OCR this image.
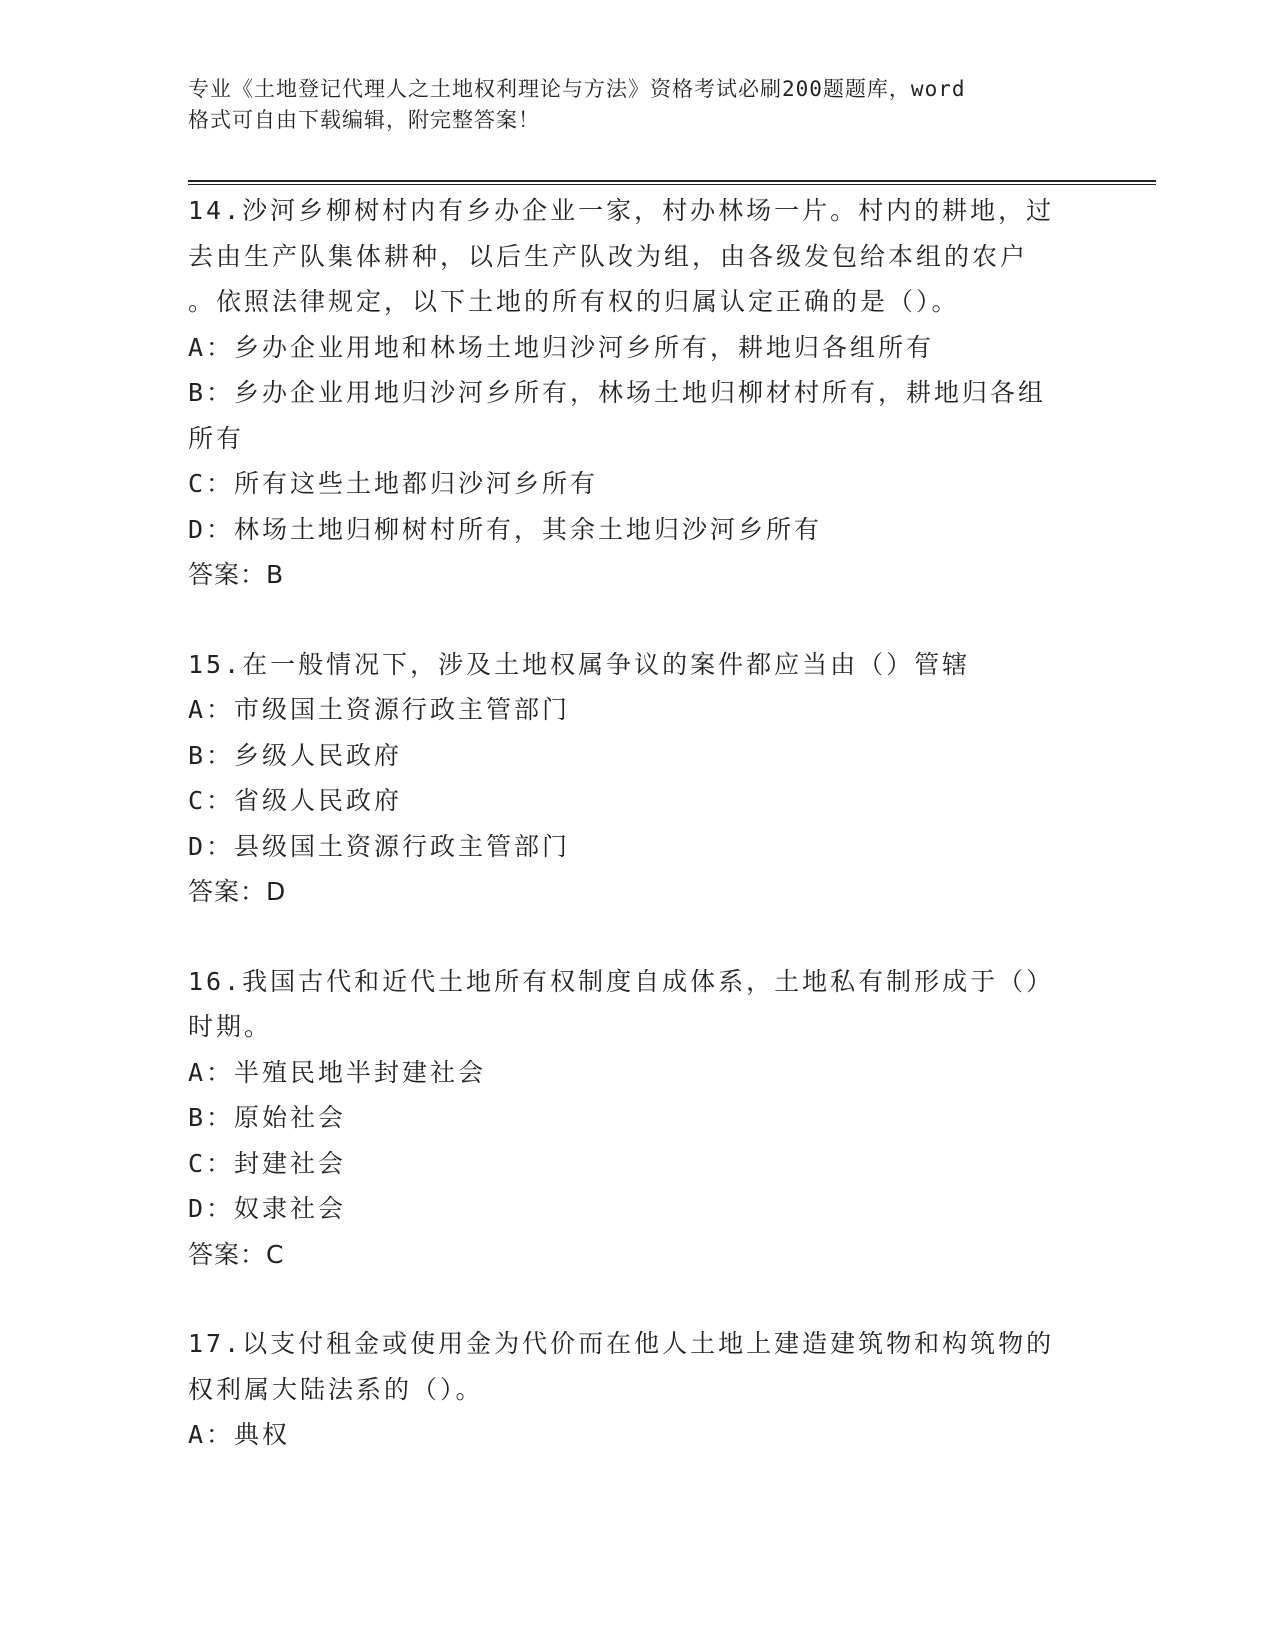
专业《土地登记代理人之土地权利理论与方法》资格考试必刷200题题库，word
格式可自由下载编辑，附完整答案！
14.沙河乡柳树村内有乡办企业一家，村办林场一片。村内的耕地，过
去由生产队集体耕种，以后生产队改为组，由各级发包给本组的农户
。依照法律规定，以下土地的所有权的归属认定正确的是（）。
A：乡办企业用地和林场土地归沙河乡所有，耕地归各组所有
B：乡办企业用地归沙河乡所有，林场土地归柳材村所有，耕地归各组
所有
C：所有这些土地都归沙河乡所有
D：林场土地归柳树村所有，其余土地归沙河乡所有
答案：B
15.在一般情况下，涉及土地权属争议的案件都应当由（）管辖
A：市级国土资源行政主管部门
B：乡级人民政府
C：省级人民政府
D：县级国土资源行政主管部门
答案：D
16.我国古代和近代土地所有权制度自成体系，土地私有制形成于（）
时期。
A：半殖民地半封建社会
B：原始社会
C：封建社会
D：奴隶社会
答案：C
17.以支付租金或使用金为代价而在他人土地上建造建筑物和构筑物的
权利属大陆法系的（）。
A：典权
